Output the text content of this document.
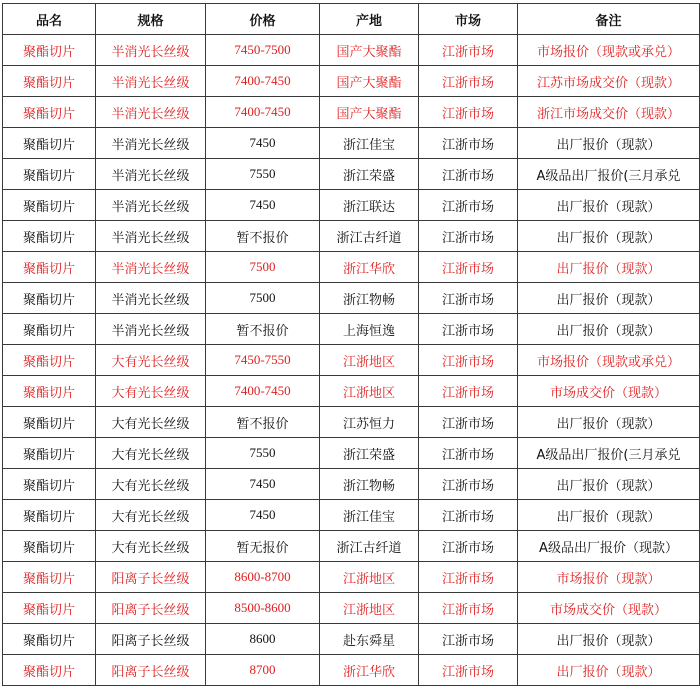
品名	规格	价格	产地	市场	备注
聚酯切片	半消光长丝级	7450-7500	国产大聚酯	江浙市场	市场报价（现款或承兑）
聚酯切片	半消光长丝级	7400-7450	国产大聚酯	江浙市场	江苏市场成交价（现款）
聚酯切片	半消光长丝级	7400-7450	国产大聚酯	江浙市场	浙江市场成交价（现款）
聚酯切片	半消光长丝级	7450	浙江佳宝	江浙市场	出厂报价（现款）
聚酯切片	半消光长丝级	7550	浙江荣盛	江浙市场	A级品出厂报价(三月承兑
聚酯切片	半消光长丝级	7450	浙江联达	江浙市场	出厂报价（现款）
聚酯切片	半消光长丝级	暂不报价	浙江古纤道	江浙市场	出厂报价（现款）
聚酯切片	半消光长丝级	7500	浙江华欣	江浙市场	出厂报价（现款）
聚酯切片	半消光长丝级	7500	浙江物畅	江浙市场	出厂报价（现款）
聚酯切片	半消光长丝级	暂不报价	上海恒逸	江浙市场	出厂报价（现款）
聚酯切片	大有光长丝级	7450-7550	江浙地区	江浙市场	市场报价（现款或承兑）
聚酯切片	大有光长丝级	7400-7450	江浙地区	江浙市场	市场成交价（现款）
聚酯切片	大有光长丝级	暂不报价	江苏恒力	江浙市场	出厂报价（现款）
聚酯切片	大有光长丝级	7550	浙江荣盛	江浙市场	A级品出厂报价(三月承兑
聚酯切片	大有光长丝级	7450	浙江物畅	江浙市场	出厂报价（现款）
聚酯切片	大有光长丝级	7450	浙江佳宝	江浙市场	出厂报价（现款）
聚酯切片	大有光长丝级	暂无报价	浙江古纤道	江浙市场	A级品出厂报价（现款）
聚酯切片	阳离子长丝级	8600-8700	江浙地区	江浙市场	市场报价（现款）
聚酯切片	阳离子长丝级	8500-8600	江浙地区	江浙市场	市场成交价（现款）
聚酯切片	阳离子长丝级	8600	赴东舜星	江浙市场	出厂报价（现款）
聚酯切片	阳离子长丝级	8700	浙江华欣	江浙市场	出厂报价（现款）
